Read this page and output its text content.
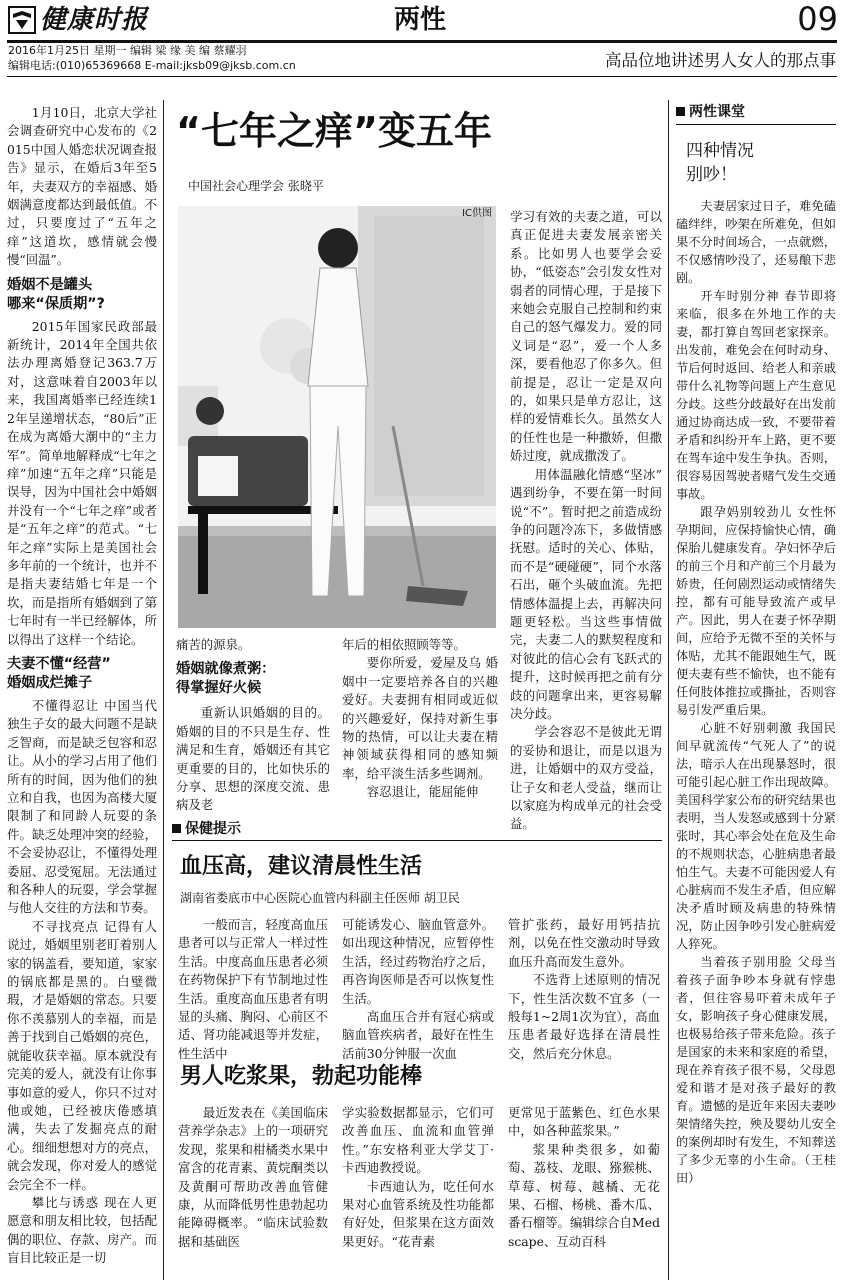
健康时报	两性	09
2016年1月25日 星期一 编辑 梁 缘 美 编 蔡耀羽
编辑电话:(010)65369668 E-mail:jksb09@jksb.com.cn	高品位地讲述男人女人的那点事

1月10日，北京大学社会调查研究中心发布的《2015中国人婚恋状况调查报告》显示，在婚后3年至5年，夫妻双方的幸福感、婚姻满意度都达到最低值。不过，只要度过了“五年之痒”这道坎，感情就会慢慢“回温”。

婚姻不是罐头
哪来“保质期”?

2015年国家民政部最新统计，2014年全国共依法办理离婚登记363.7万对，这意味着自2003年以来，我国离婚率已经连续12年呈递增状态，“80后”正在成为离婚大潮中的“主力军”。简单地解释成“七年之痒”加速“五年之痒”只能是误导，因为中国社会中婚姻并没有一个“七年之痒”或者是“五年之痒”的范式。“七年之痒”实际上是美国社会多年前的一个统计，也并不是指夫妻结婚七年是一个坎，而是指所有婚姻到了第七年时有一半已经解体，所以得出了这样一个结论。

夫妻不懂“经营”
婚姻成烂摊子

不懂得忍让 中国当代独生子女的最大问题不是缺乏智商，而是缺乏包容和忍让。从小的学习占用了他们所有的时间，因为他们的独立和自我，也因为高楼大厦限制了和同龄人玩耍的条件。缺乏处理冲突的经验，不会妥协忍让，不懂得处理委屈、忍受冤屈。无法通过和各种人的玩耍，学会掌握与他人交往的方法和节奏。

不寻找亮点 记得有人说过，婚姻里别老盯着别人家的锅盖看，要知道，家家的锅底都是黑的。白璧微瑕，才是婚姻的常态。只要你不羡慕别人的幸福，而是善于找到自己婚姻的亮色，就能收获幸福。原本就没有完美的爱人，就没有让你事事如意的爱人，你只不过对他或她，已经被庆倦感填满，失去了发掘亮点的耐心。细细想想对方的亮点，就会发现，你对爱人的感觉会完全不一样。

攀比与诱惑 现在人更愿意和朋友相比较，包括配偶的职位、存款、房产。而盲目比较正是一切

“七年之痒”变五年
中国社会心理学会 张晓平
IC供图
痛苦的源泉。
婚姻就像煮粥：
得掌握好火候

重新认识婚姻的目的。婚姻的目的不只是生存、性满足和生育，婚姻还有其它更重要的目的，比如快乐的分享、思想的深度交流、患病及老

年后的相依照顾等等。

要你所爱，爱屋及乌 婚姻中一定要培养各自的兴趣爱好。夫妻拥有相同或近似的兴趣爱好，保持对新生事物的热情，可以让夫妻在精神领域获得相同的感知频率，给平淡生活多些调剂。

容忍退让，能屈能伸

学习有效的夫妻之道，可以真正促进夫妻发展亲密关系。比如男人也要学会妥协，“低姿态”会引发女性对弱者的同情心理，于是接下来她会克服自己控制和约束自己的怒气爆发力。爱的同义词是“忍”，爱一个人多深，要看他忍了你多久。但前提是，忍让一定是双向的，如果只是单方忍让，这样的爱情难长久。虽然女人的任性也是一种撒娇，但撒娇过度，就成撒泼了。

用体温融化情感“坚冰” 遇到纷争，不要在第一时间说“不”。暂时把之前造成纷争的问题冷冻下，多做情感抚慰。适时的关心、体贴，而不是“硬碰硬”，同个水落石出，砸个头破血流。先把情感体温提上去，再解决问题更轻松。当这些事情做完，夫妻二人的默契程度和对彼此的信心会有飞跃式的提升，这时候再把之前有分歧的问题拿出来，更容易解决分歧。

学会容忍不是彼此无谓的妥协和退让，而是以退为进，让婚姻中的双方受益，让子女和老人受益，继而让以家庭为构成单元的社会受益。

两性课堂
四种情况
别吵！

夫妻居家过日子，难免磕磕绊绊，吵架在所难免，但如果不分时间场合，一点就燃，不仅感情吵没了，还易酿下悲剧。

开车时别分神 春节即将来临，很多在外地工作的夫妻，都打算自驾回老家探亲。出发前，难免会在何时动身、节后何时返回、给老人和亲戚带什么礼物等问题上产生意见分歧。这些分歧最好在出发前通过协商达成一致，不要带着矛盾和纠纷开车上路，更不要在驾车途中发生争执。否则，很容易因驾驶者赌气发生交通事故。

跟孕妈别较劲儿 女性怀孕期间，应保持愉快心情，确保胎儿健康发育。孕妇怀孕后的前三个月和产前三个月最为娇贵，任何剧烈运动或情绪失控，都有可能导致流产或早产。因此，男人在妻子怀孕期间，应给予无微不至的关怀与体贴，尤其不能跟她生气，既便夫妻有些不愉快，也不能有任何肢体推拉或撕扯，否则容易引发严重后果。

心脏不好别刺激 我国民间早就流传“气死人了”的说法，暗示人在出现暴怒时，很可能引起心脏工作出现故障。美国科学家公布的研究结果也表明，当人发怒或感到十分紧张时，其心率会处在危及生命的不规则状态，心脏病患者最怕生气。夫妻不可能因爱人有心脏病而不发生矛盾，但应解决矛盾时顾及病患的特殊情况，防止因争吵引发心脏病爱人猝死。

当着孩子别用脸 父母当着孩子面争吵本身就有悖患者，但往容易吓着未成年子女，影响孩子身心健康发展，也极易给孩子带来危险。孩子是国家的未来和家庭的希望，现在养育孩子很不易，父母恩爱和谐才是对孩子最好的教育。遗憾的是近年来因夫妻吵架情绪失控，殃及婴幼儿安全的案例却时有发生，不知葬送了多少无辜的小生命。（王桂田）

保健提示
血压高，建议清晨性生活
湖南省娄底市中心医院心血管内科副主任医师 胡卫民

一般而言，轻度高血压患者可以与正常人一样过性生活。中度高血压患者必须在药物保护下有节制地过性生活。重度高血压患者有明显的头痛、胸闷、心前区不适、肾功能减退等并发症，性生活中

可能诱发心、脑血管意外。如出现这种情况，应暂停性生活，经过药物治疗之后，再咨询医师是否可以恢复性生活。

高血压合并有冠心病或脑血管疾病者，最好在性生活前30分钟服一次血

管扩张药，最好用钙拮抗剂，以免在性交激动时导致血压升高而发生意外。

不选背上述原则的情况下，性生活次数不宜多（一般每1~2周1次为宜），高血压患者最好选择在清晨性交，然后充分休息。

男人吃浆果，勃起功能棒

最近发表在《美国临床营养学杂志》上的一项研究发现，浆果和柑橘类水果中富含的花青素、黄烷酮类以及黄酮可帮助改善血管健康，从而降低男性患勃起功能障碍概率。“临床试验数据和基础医

学实验数据都显示，它们可改善血压、血流和血管弹性。”东安格利亚大学艾丁·卡西迪教授说。

卡西迪认为，吃任何水果对心血管系统及性功能都有好处，但浆果在这方面效果更好。“花青素

更常见于蓝紫色、红色水果中，如各种蓝浆果。”

浆果种类很多，如葡萄、荔枝、龙眼、猕猴桃、草莓、树莓、越橘、无花果、石榴、杨桃、番木瓜、番石榴等。编辑综合自Medscape、互动百科
